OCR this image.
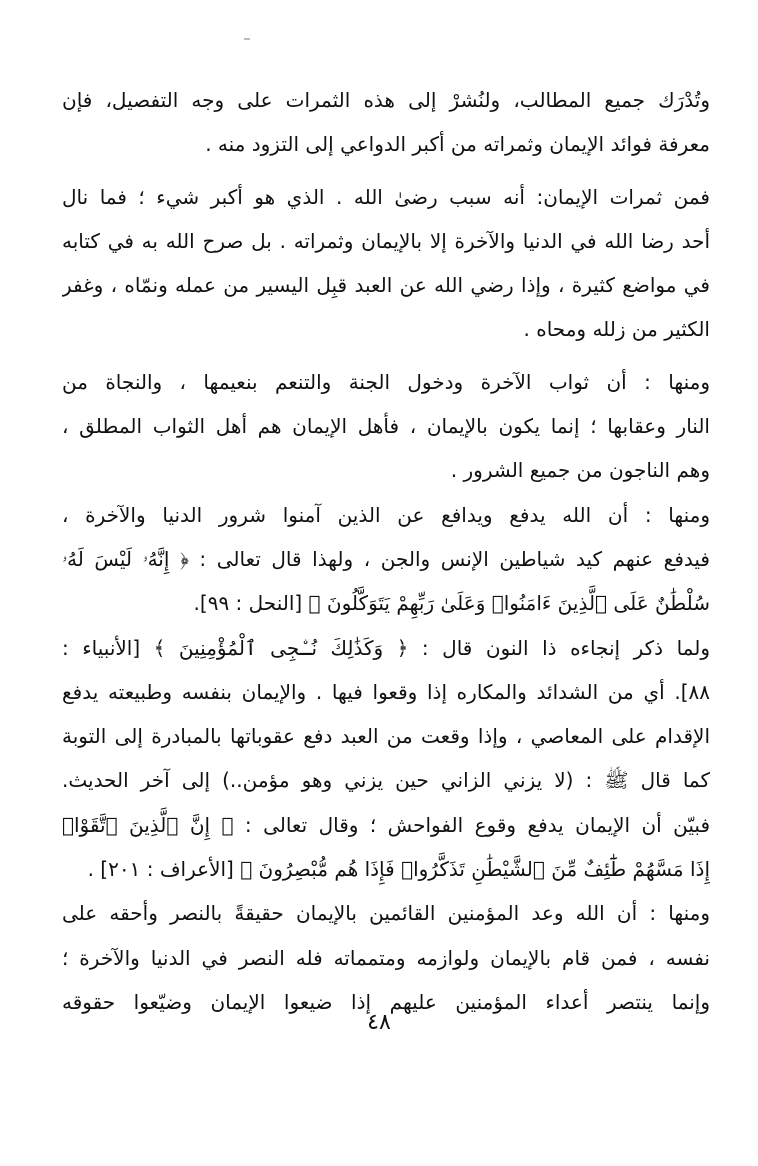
وتُدْرَك جميع المطالب، ولنُشرْ إلى هذه الثمرات على وجه التفصيل، فإن
معرفة فوائد الإيمان وثمراته من أكبر الدواعي إلى التزود منه .
فمن ثمرات الإيمان: أنه سبب رضىٰ الله . الذي هو أكبر شيء ؛ فما نال
أحد رضا الله في الدنيا والآخرة إلا بالإيمان وثمراته . بل صرح الله به في كتابه
في مواضع كثيرة ، وإذا رضي الله عن العبد قبِل اليسير من عمله ونمّاه ، وغفر
الكثير من زلله ومحاه .
ومنها : أن ثواب الآخرة ودخول الجنة والتنعم بنعيمها ، والنجاة من
النار وعقابها ؛ إنما يكون بالإيمان ، فأهل الإيمان هم أهل الثواب المطلق ،
وهم الناجون من جميع الشرور .
ومنها : أن الله يدفع ويدافع عن الذين آمنوا شرور الدنيا والآخرة ،
فيدفع عنهم كيد شياطين الإنس والجن ، ولهذا قال تعالى : ﴿ إِنَّهُۥ لَيْسَ لَهُۥ
سُلْطَٰنٌ عَلَى ٱلَّذِينَ ءَامَنُوا۟ وَعَلَىٰ رَبِّهِمْ يَتَوَكَّلُونَ ﴾ [النحل : ٩٩].
ولما ذكر إنجاءه ذا النون قال : ﴿ وَكَذَٰلِكَ نُـۨجِى ٱلْمُؤْمِنِينَ ﴾ [الأنبياء :
٨٨]. أي من الشدائد والمكاره إذا وقعوا فيها . والإيمان بنفسه وطبيعته يدفع
الإقدام على المعاصي ، وإذا وقعت من العبد دفع عقوباتها بالمبادرة إلى التوبة
كما قال ﷺ : (لا يزني الزاني حين يزني وهو مؤمن..) إلى آخر الحديث.
فبيّن أن الإيمان يدفع وقوع الفواحش ؛ وقال تعالى : ﴿ إِنَّ ٱلَّذِينَ ٱتَّقَوْا۟
إِذَا مَسَّهُمْ طَٰٓئِفٌ مِّنَ ٱلشَّيْطَٰنِ تَذَكَّرُوا۟ فَإِذَا هُم مُّبْصِرُونَ ﴾ [الأعراف : ٢٠١] .
ومنها : أن الله وعد المؤمنين القائمين بالإيمان حقيقةً بالنصر وأحقه على
نفسه ، فمن قام بالإيمان ولوازمه ومتمماته فله النصر في الدنيا والآخرة ؛
وإنما ينتصر أعداء المؤمنين عليهم إذا ضيعوا الإيمان وضيّعوا حقوقه
٤٨
